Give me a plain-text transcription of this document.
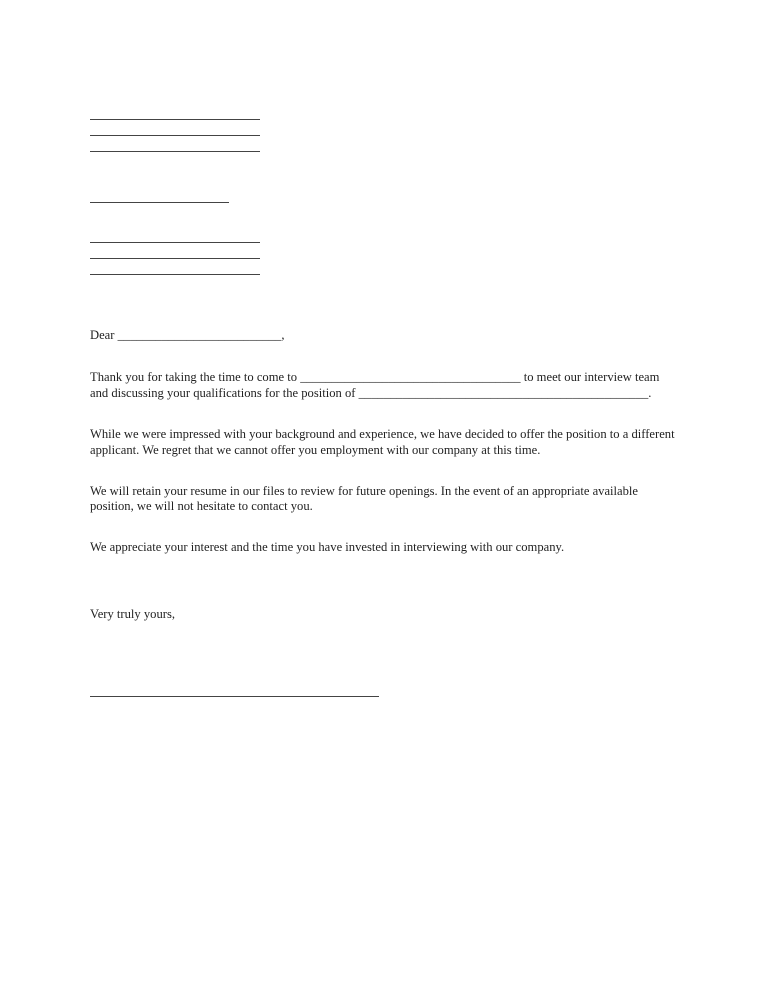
Dear __________________________,
Thank you for taking the time to come to ___________________________________ to meet our interview team
and discussing your qualifications for the position of ______________________________________________.
While we were impressed with your background and experience, we have decided to offer the position to a different
applicant. We regret that we cannot offer you employment with our company at this time.
We will retain your resume in our files to review for future openings. In the event of an appropriate available
position, we will not hesitate to contact you.
We appreciate your interest and the time you have invested in interviewing with our company.
Very truly yours,
